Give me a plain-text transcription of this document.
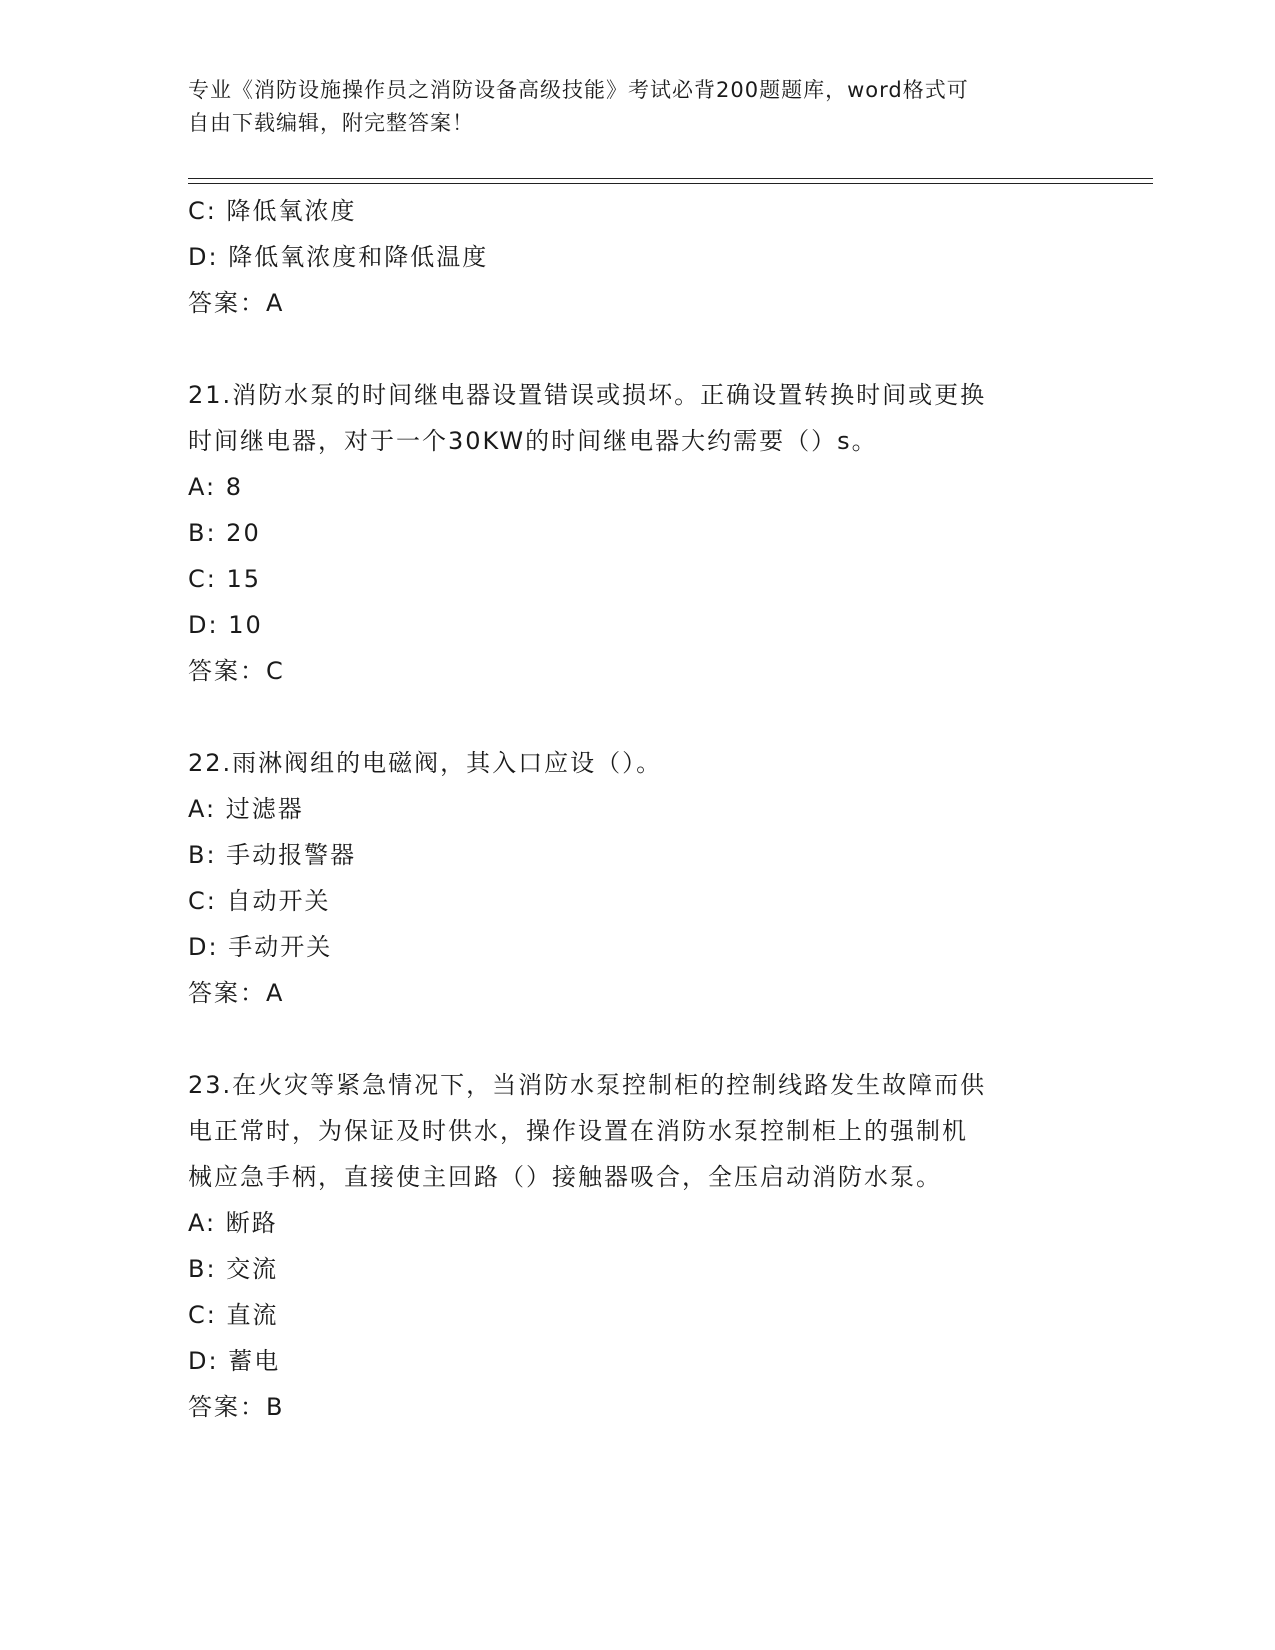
专业《消防设施操作员之消防设备高级技能》考试必背200题题库，word格式可
自由下载编辑，附完整答案！
C: 降低氧浓度
D: 降低氧浓度和降低温度
答案：A
21.消防水泵的时间继电器设置错误或损坏。正确设置转换时间或更换
时间继电器，对于一个30KW的时间继电器大约需要（）s。
A: 8
B: 20
C: 15
D: 10
答案：C
22.雨淋阀组的电磁阀，其入口应设（）。
A: 过滤器
B: 手动报警器
C: 自动开关
D: 手动开关
答案：A
23.在火灾等紧急情况下，当消防水泵控制柜的控制线路发生故障而供
电正常时，为保证及时供水，操作设置在消防水泵控制柜上的强制机
械应急手柄，直接使主回路（）接触器吸合，全压启动消防水泵。
A: 断路
B: 交流
C: 直流
D: 蓄电
答案：B
